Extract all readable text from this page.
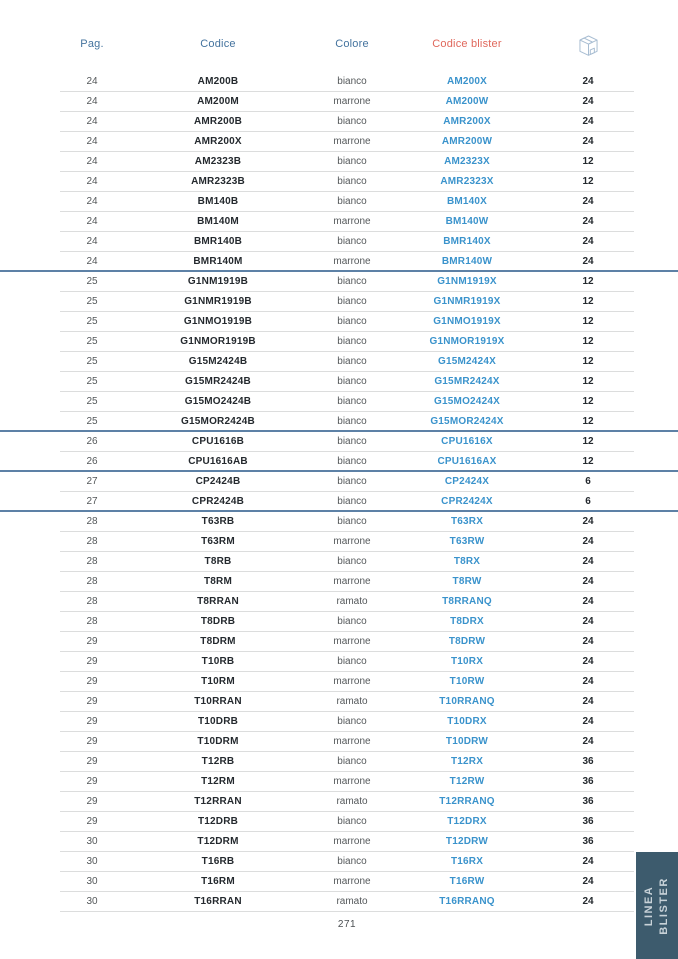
Pag.	Codice	Colore	Codice blister
24	AM200B	bianco	AM200X	24
24	AM200M	marrone	AM200W	24
24	AMR200B	bianco	AMR200X	24
24	AMR200X	marrone	AMR200W	24
24	AM2323B	bianco	AM2323X	12
24	AMR2323B	bianco	AMR2323X	12
24	BM140B	bianco	BM140X	24
24	BM140M	marrone	BM140W	24
24	BMR140B	bianco	BMR140X	24
24	BMR140M	marrone	BMR140W	24
25	G1NM1919B	bianco	G1NM1919X	12
25	G1NMR1919B	bianco	G1NMR1919X	12
25	G1NMO1919B	bianco	G1NMO1919X	12
25	G1NMOR1919B	bianco	G1NMOR1919X	12
25	G15M2424B	bianco	G15M2424X	12
25	G15MR2424B	bianco	G15MR2424X	12
25	G15MO2424B	bianco	G15MO2424X	12
25	G15MOR2424B	bianco	G15MOR2424X	12
26	CPU1616B	bianco	CPU1616X	12
26	CPU1616AB	bianco	CPU1616AX	12
27	CP2424B	bianco	CP2424X	6
27	CPR2424B	bianco	CPR2424X	6
28	T63RB	bianco	T63RX	24
28	T63RM	marrone	T63RW	24
28	T8RB	bianco	T8RX	24
28	T8RM	marrone	T8RW	24
28	T8RRAN	ramato	T8RRANQ	24
28	T8DRB	bianco	T8DRX	24
29	T8DRM	marrone	T8DRW	24
29	T10RB	bianco	T10RX	24
29	T10RM	marrone	T10RW	24
29	T10RRAN	ramato	T10RRANQ	24
29	T10DRB	bianco	T10DRX	24
29	T10DRM	marrone	T10DRW	24
29	T12RB	bianco	T12RX	36
29	T12RM	marrone	T12RW	36
29	T12RRAN	ramato	T12RRANQ	36
29	T12DRB	bianco	T12DRX	36
30	T12DRM	marrone	T12DRW	36
30	T16RB	bianco	T16RX	24
30	T16RM	marrone	T16RW	24
30	T16RRAN	ramato	T16RRANQ	24
271	LINEA BLISTER
